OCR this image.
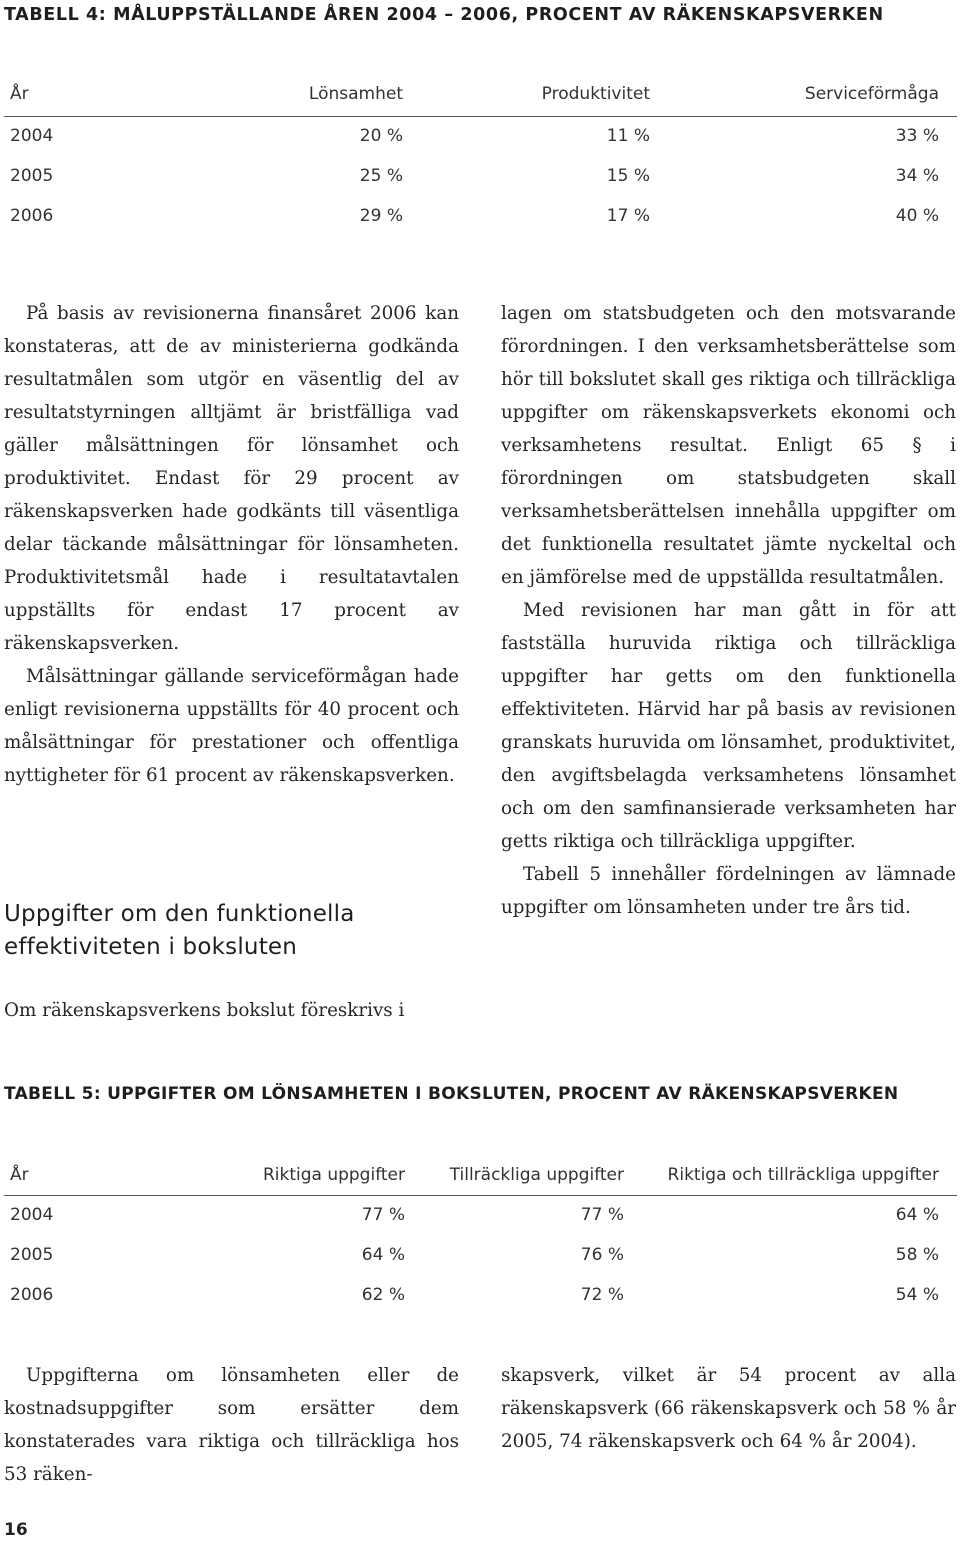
TABELL 4: MÅLUPPSTÄLLANDE ÅREN 2004 – 2006, PROCENT AV RÄKENSKAPSVERKEN
År	Lönsamhet	Produktivitet	Serviceförmåga
2004	20 %	11 %	33 %
2005	25 %	15 %	34 %
2006	29 %	17 %	40 %

På basis av revisionerna finansåret 2006 kan konstateras, att de av ministerierna godkända resultatmålen som utgör en väsentlig del av resultatstyrningen alltjämt är bristfälliga vad gäller målsättningen för lönsamhet och produktivitet. Endast för 29 procent av räkenskapsverken hade godkänts till väsentliga delar täckande målsättningar för lönsamheten. Produktivitetsmål hade i resultatavtalen uppställts för endast 17 procent av räkenskapsverken.

Målsättningar gällande serviceförmågan hade enligt revisionerna uppställts för 40 procent och målsättningar för prestationer och offentliga nyttigheter för 61 procent av räkenskapsverken.

Uppgifter om den funktionella effektiviteten i boksluten

Om räkenskapsverkens bokslut föreskrivs i

lagen om statsbudgeten och den motsvarande förordningen. I den verksamhetsberättelse som hör till bokslutet skall ges riktiga och tillräckliga uppgifter om räkenskapsverkets ekonomi och verksamhetens resultat. Enligt 65 § i förordningen om statsbudgeten skall verksamhetsberättelsen innehålla uppgifter om det funktionella resultatet jämte nyckeltal och en jämförelse med de uppställda resultatmålen.

Med revisionen har man gått in för att fastställa huruvida riktiga och tillräckliga uppgifter har getts om den funktionella effektiviteten. Härvid har på basis av revisionen granskats huruvida om lönsamhet, produktivitet, den avgiftsbelagda verksamhetens lönsamhet och om den samfinansierade verksamheten har getts riktiga och tillräckliga uppgifter.

Tabell 5 innehåller fördelningen av lämnade uppgifter om lönsamheten under tre års tid.

TABELL 5: UPPGIFTER OM LÖNSAMHETEN I BOKSLUTEN, PROCENT AV RÄKENSKAPSVERKEN
År	Riktiga uppgifter	Tillräckliga uppgifter	Riktiga och tillräckliga uppgifter
2004	77 %	77 %	64 %
2005	64 %	76 %	58 %
2006	62 %	72 %	54 %

Uppgifterna om lönsamheten eller de kostnadsuppgifter som ersätter dem konstaterades vara riktiga och tillräckliga hos 53 räken-

skapsverk, vilket är 54 procent av alla räkenskapsverk (66 räkenskapsverk och 58 % år 2005, 74 räkenskapsverk och 64 % år 2004).

16
